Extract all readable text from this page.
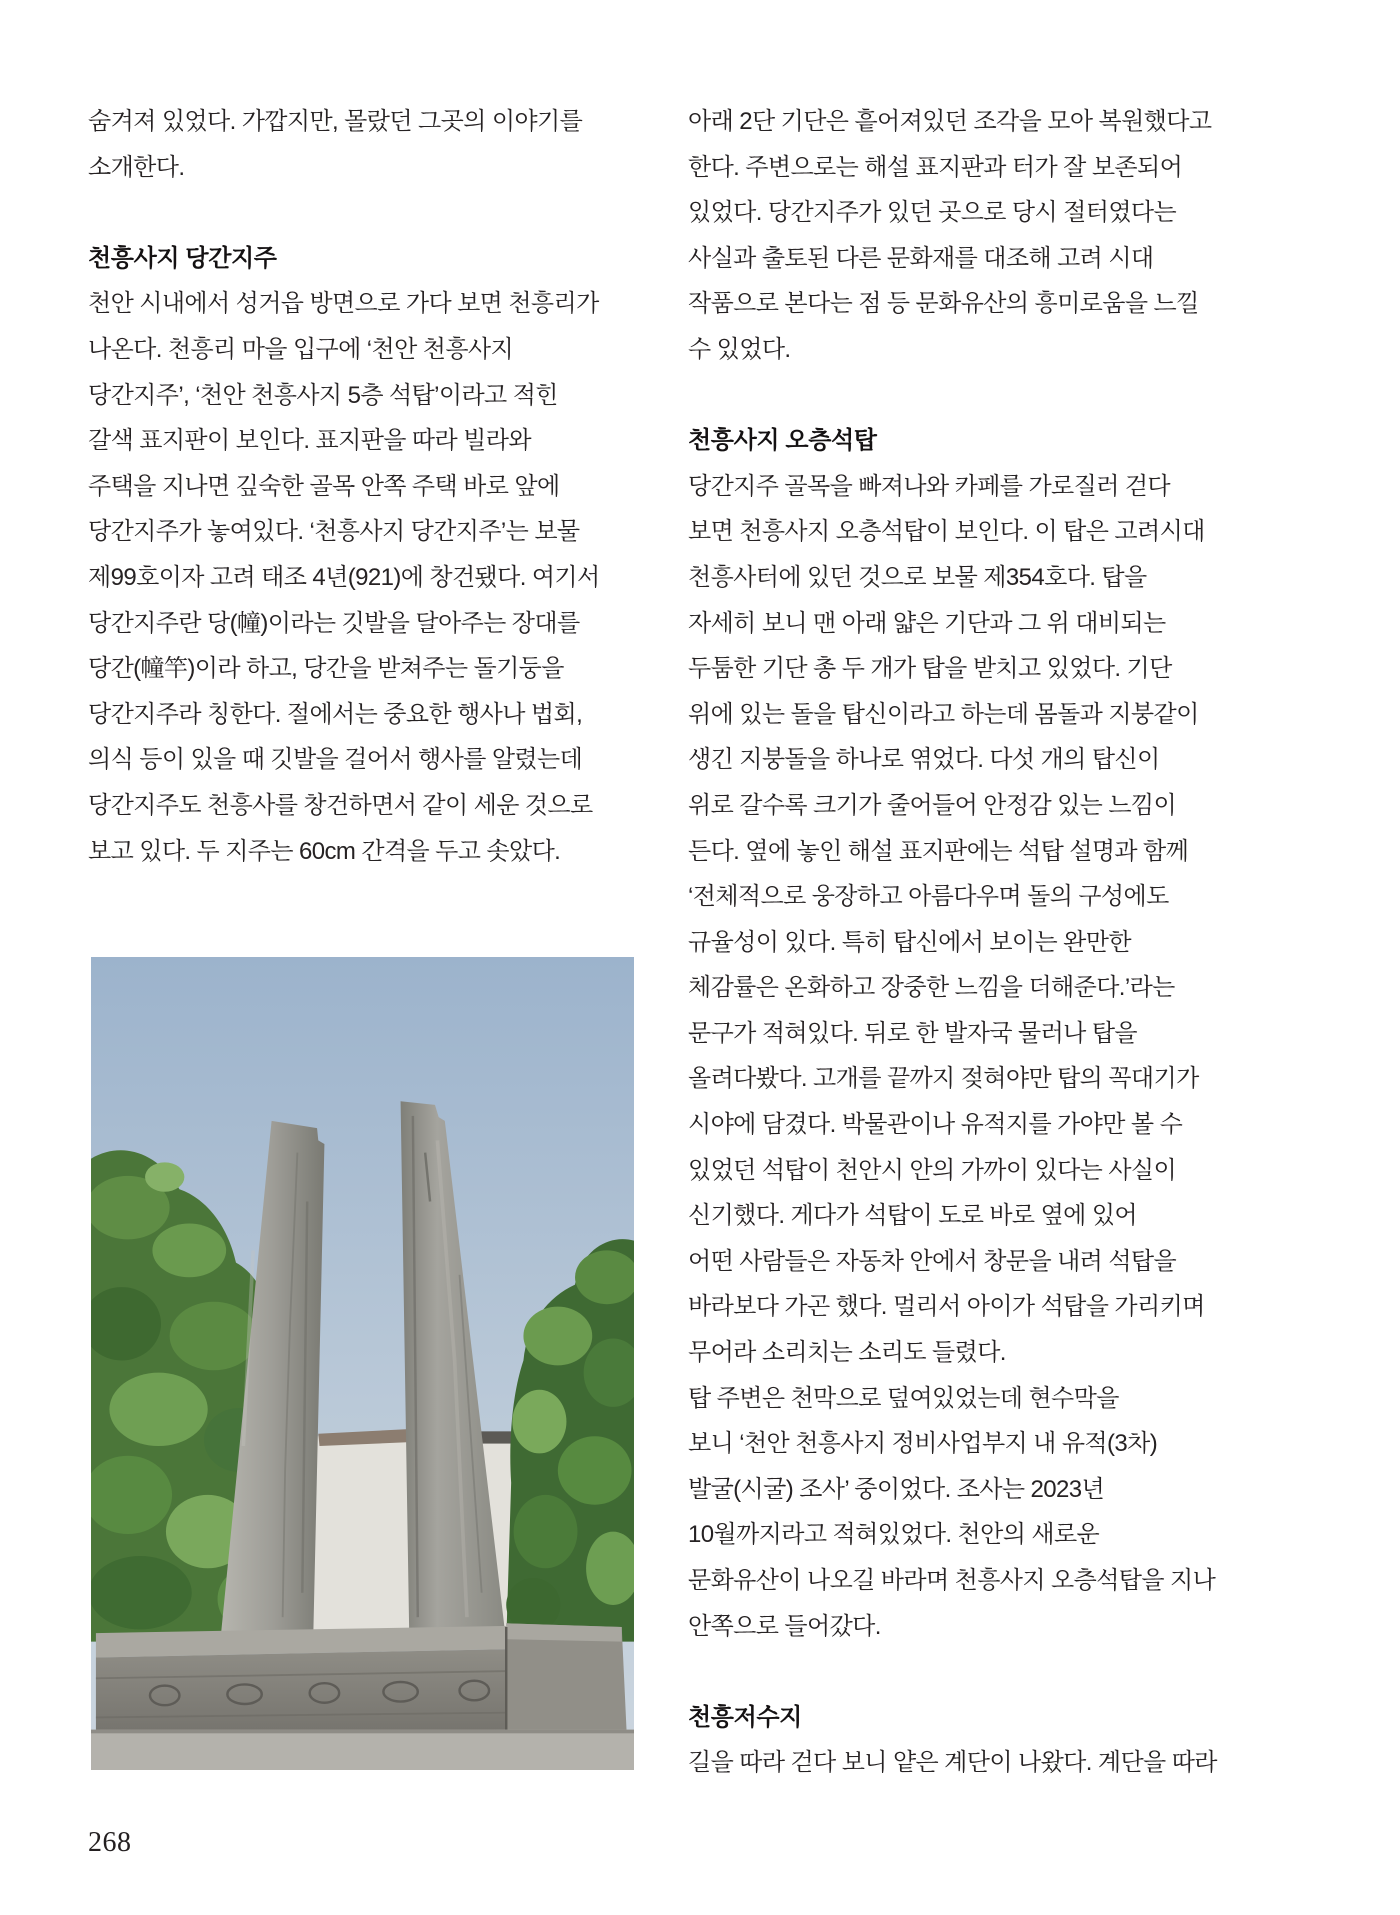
숨겨져 있었다. 가깝지만, 몰랐던 그곳의 이야기를
소개한다.
천흥사지 당간지주
천안 시내에서 성거읍 방면으로 가다 보면 천흥리가
나온다. 천흥리 마을 입구에 ‘천안 천흥사지
당간지주’, ‘천안 천흥사지 5층 석탑’이라고 적힌
갈색 표지판이 보인다. 표지판을 따라 빌라와
주택을 지나면 깊숙한 골목 안쪽 주택 바로 앞에
당간지주가 놓여있다. ‘천흥사지 당간지주’는 보물
제99호이자 고려 태조 4년(921)에 창건됐다. 여기서
당간지주란 당(幢)이라는 깃발을 달아주는 장대를
당간(幢竿)이라 하고, 당간을 받쳐주는 돌기둥을
당간지주라 칭한다. 절에서는 중요한 행사나 법회,
의식 등이 있을 때 깃발을 걸어서 행사를 알렸는데
당간지주도 천흥사를 창건하면서 같이 세운 것으로
보고 있다. 두 지주는 60cm 간격을 두고 솟았다.
아래 2단 기단은 흩어져있던 조각을 모아 복원했다고
한다. 주변으로는 해설 표지판과 터가 잘 보존되어
있었다. 당간지주가 있던 곳으로 당시 절터였다는
사실과 출토된 다른 문화재를 대조해 고려 시대
작품으로 본다는 점 등 문화유산의 흥미로움을 느낄
수 있었다.
천흥사지 오층석탑
당간지주 골목을 빠져나와 카페를 가로질러 걷다
보면 천흥사지 오층석탑이 보인다. 이 탑은 고려시대
천흥사터에 있던 것으로 보물 제354호다. 탑을
자세히 보니 맨 아래 얇은 기단과 그 위 대비되는
두툼한 기단 총 두 개가 탑을 받치고 있었다. 기단
위에 있는 돌을 탑신이라고 하는데 몸돌과 지붕같이
생긴 지붕돌을 하나로 엮었다. 다섯 개의 탑신이
위로 갈수록 크기가 줄어들어 안정감 있는 느낌이
든다. 옆에 놓인 해설 표지판에는 석탑 설명과 함께
‘전체적으로 웅장하고 아름다우며 돌의 구성에도
규율성이 있다. 특히 탑신에서 보이는 완만한
체감률은 온화하고 장중한 느낌을 더해준다.’라는
문구가 적혀있다. 뒤로 한 발자국 물러나 탑을
올려다봤다. 고개를 끝까지 젖혀야만 탑의 꼭대기가
시야에 담겼다. 박물관이나 유적지를 가야만 볼 수
있었던 석탑이 천안시 안의 가까이 있다는 사실이
신기했다. 게다가 석탑이 도로 바로 옆에 있어
어떤 사람들은 자동차 안에서 창문을 내려 석탑을
바라보다 가곤 했다. 멀리서 아이가 석탑을 가리키며
무어라 소리치는 소리도 들렸다.
탑 주변은 천막으로 덮여있었는데 현수막을
보니 ‘천안 천흥사지 정비사업부지 내 유적(3차)
발굴(시굴) 조사’ 중이었다. 조사는 2023년
10월까지라고 적혀있었다. 천안의 새로운
문화유산이 나오길 바라며 천흥사지 오층석탑을 지나
안쪽으로 들어갔다.
천흥저수지
길을 따라 걷다 보니 얕은 계단이 나왔다. 계단을 따라
268
